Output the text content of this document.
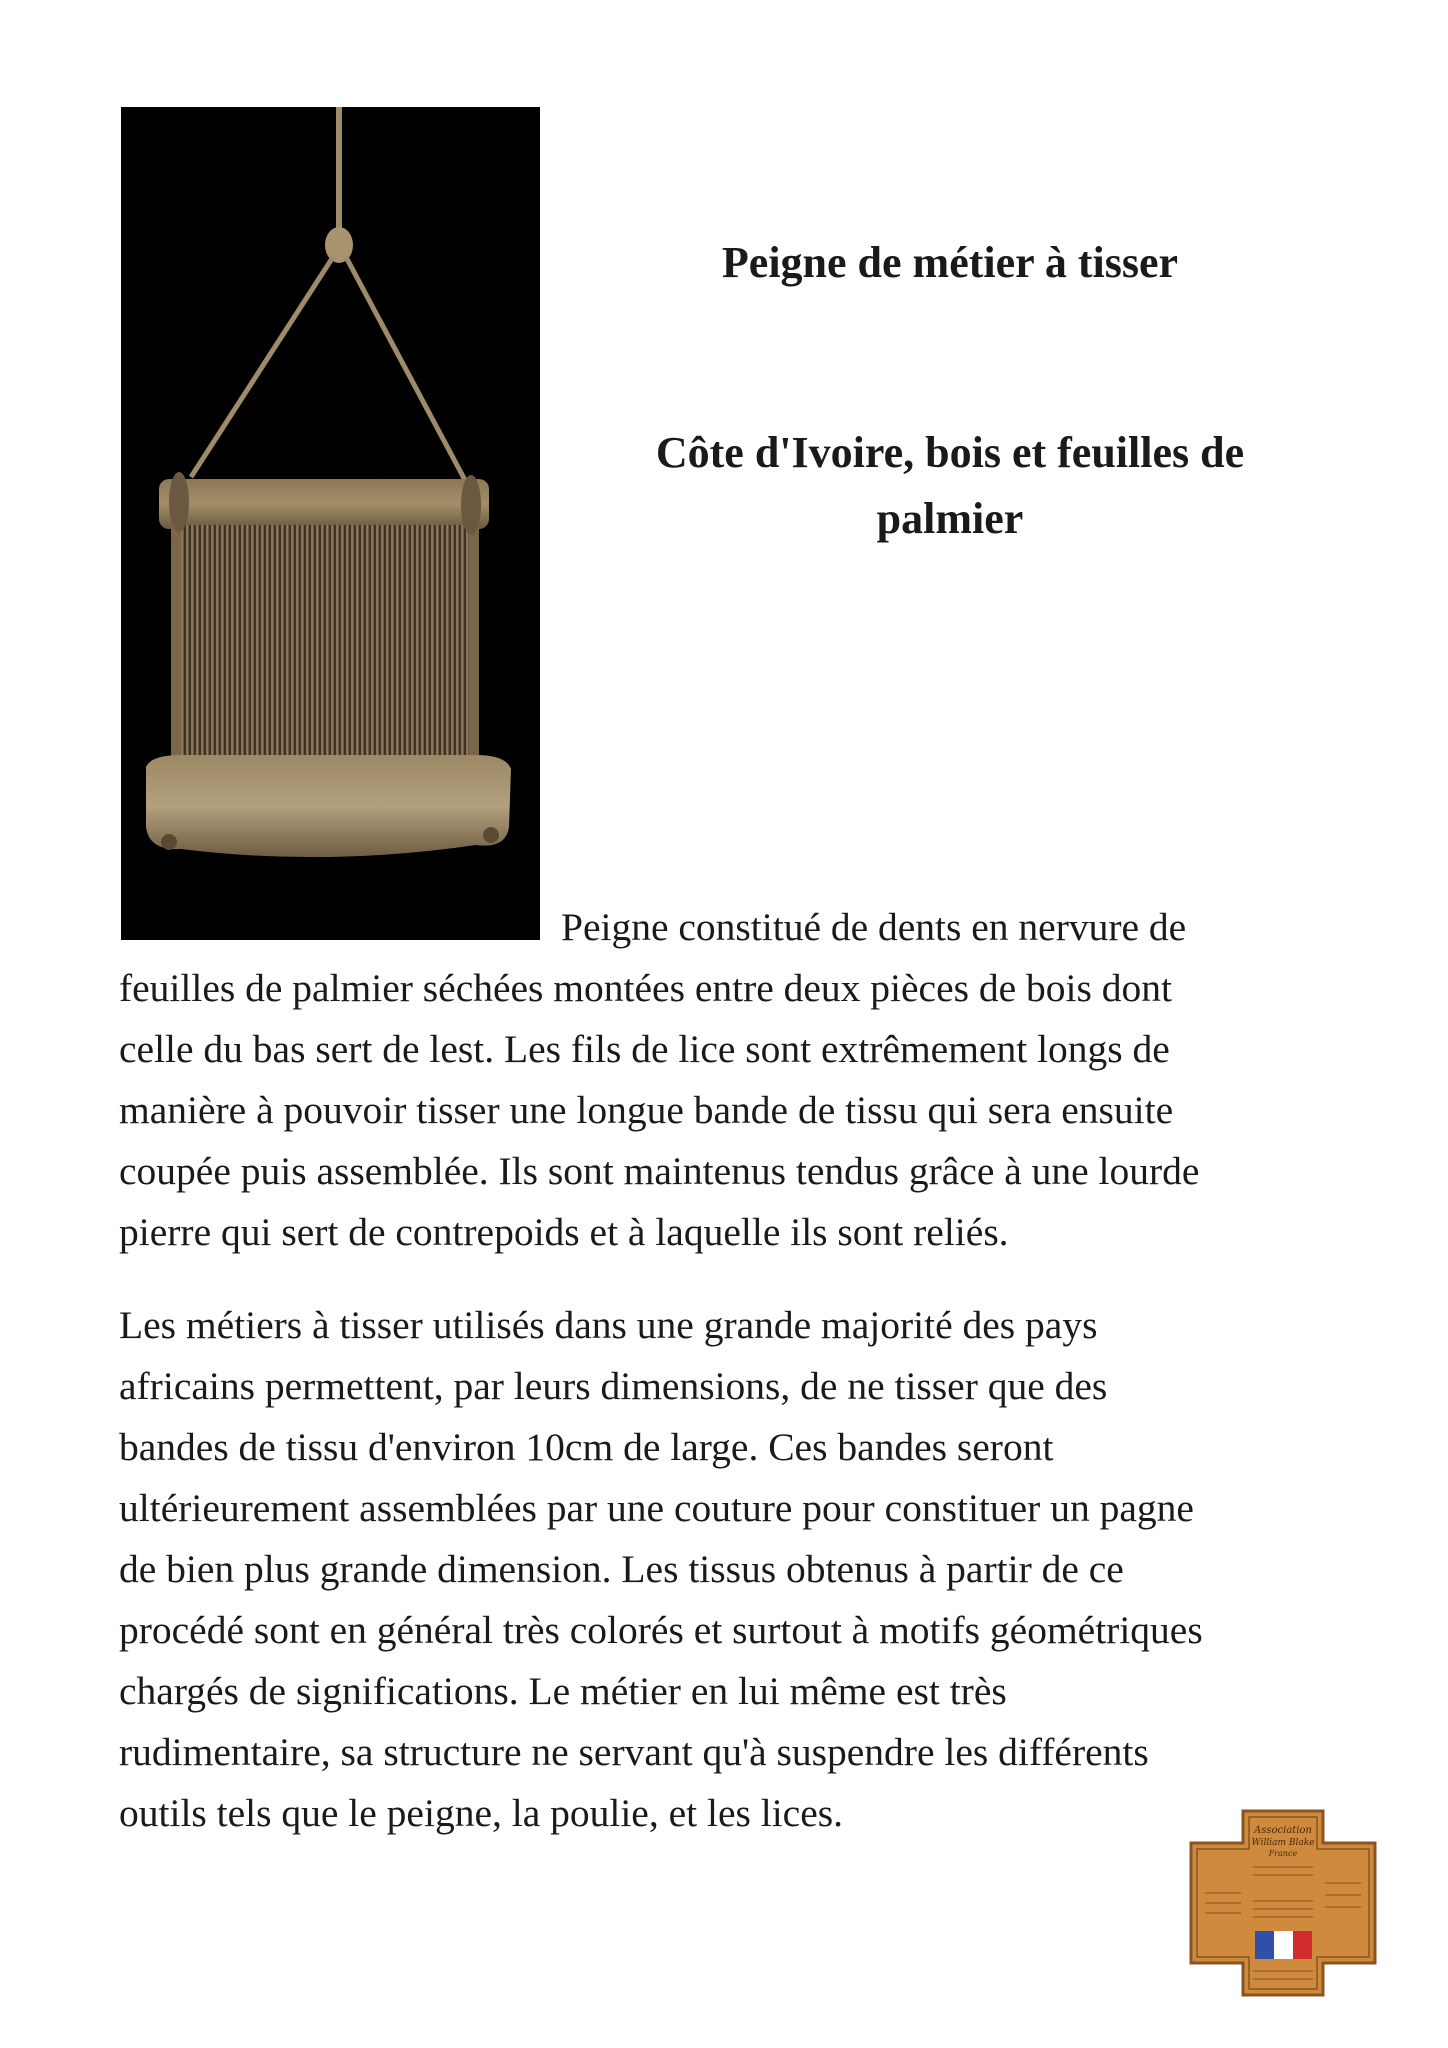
Peigne de métier à tisser
Côte d'Ivoire, bois et feuilles de
palmier
Peigne constitué de dents en nervure de

feuilles de palmier séchées montées entre deux pièces de bois dont
celle du bas sert de lest. Les fils de lice sont extrêmement longs de
manière à pouvoir tisser une longue bande de tissu qui sera ensuite
coupée puis assemblée. Ils sont maintenus tendus grâce à une lourde
pierre qui sert de contrepoids et à laquelle ils sont reliés.

Les métiers à tisser utilisés dans une grande majorité des pays
africains permettent, par leurs dimensions, de ne tisser que des
bandes de tissu d'environ 10cm de large. Ces bandes seront
ultérieurement assemblées par une couture pour constituer un pagne
de bien plus grande dimension. Les tissus obtenus à partir de ce
procédé sont en général très colorés et surtout à motifs géométriques
chargés de significations. Le métier en lui même est très
rudimentaire, sa structure ne servant qu'à suspendre les différents
outils tels que le peigne, la poulie, et les lices.	Association
William Blake
France
